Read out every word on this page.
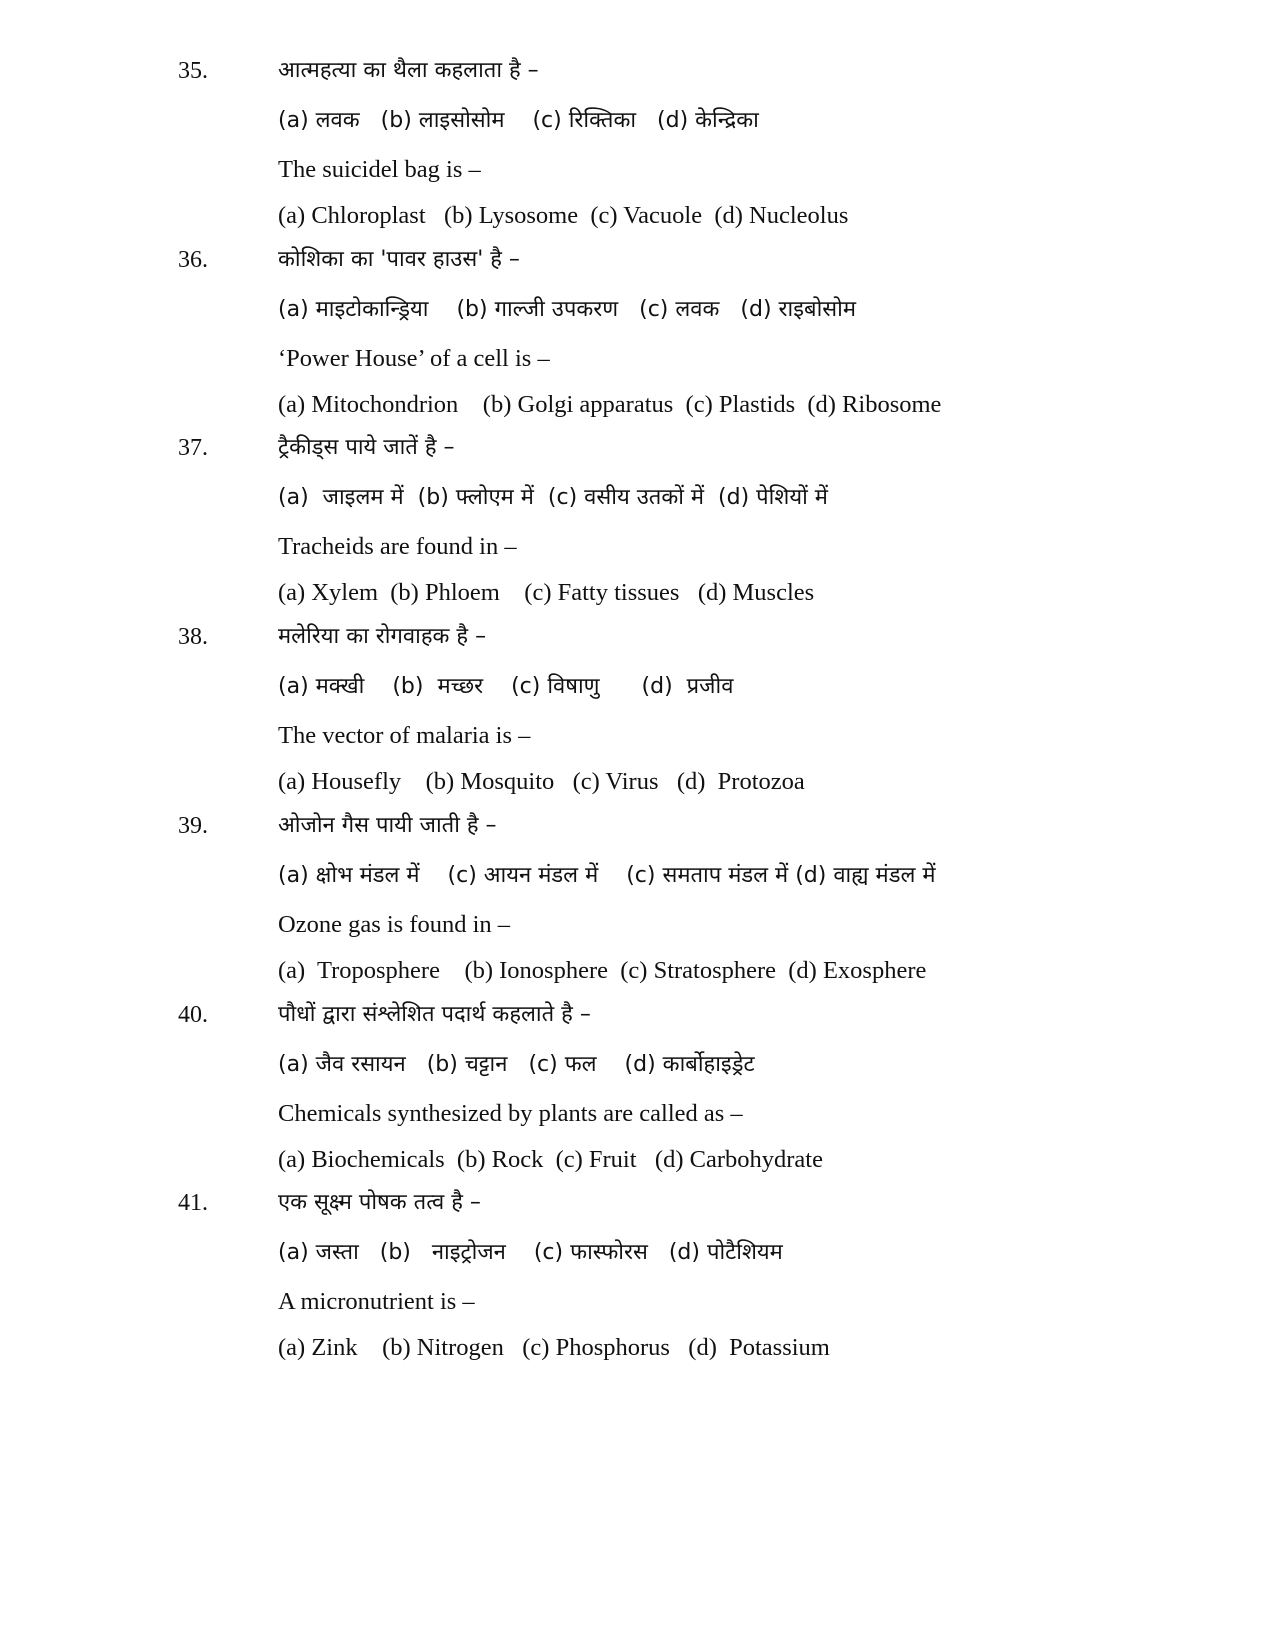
35.	आत्महत्या का थैला कहलाता है –
(a) लवक   (b) लाइसोसोम    (c) रिक्तिका   (d) केन्द्रिका
The suicidel bag is –
(a) Chloroplast   (b) Lysosome  (c) Vacuole  (d) Nucleolus
36.	कोशिका का 'पावर हाउस' है –
(a) माइटोकान्ड्रिया    (b) गाल्जी उपकरण   (c) लवक   (d) राइबोसोम
‘Power House’ of a cell is –
(a) Mitochondrion    (b) Golgi apparatus  (c) Plastids  (d) Ribosome
37.	ट्रैकीड्स पाये जातें है –
(a)  जाइलम में  (b) फ्लोएम में  (c) वसीय उतकों में  (d) पेशियों में
Tracheids are found in –
(a) Xylem  (b) Phloem    (c) Fatty tissues   (d) Muscles
38.	मलेरिया का रोगवाहक है –
(a) मक्खी    (b)  मच्छर    (c) विषाणु      (d)  प्रजीव
The vector of malaria is –
(a) Housefly    (b) Mosquito   (c) Virus   (d)  Protozoa
39.	ओजोन गैस पायी जाती है –
(a) क्षोभ मंडल में    (c) आयन मंडल में    (c) समताप मंडल में (d) वाह्य मंडल में
Ozone gas is found in –
(a)  Troposphere    (b) Ionosphere  (c) Stratosphere  (d) Exosphere
40.	पौधों द्वारा संश्लेशित पदार्थ कहलाते है –
(a) जैव रसायन   (b) चट्टान   (c) फल    (d) कार्बोहाइड्रेट
Chemicals synthesized by plants are called as –
(a) Biochemicals  (b) Rock  (c) Fruit   (d) Carbohydrate
41.	एक सूक्ष्म पोषक तत्व है –
(a) जस्ता   (b)   नाइट्रोजन    (c) फास्फोरस   (d) पोटैशियम
A micronutrient is –
(a) Zink    (b) Nitrogen   (c) Phosphorus   (d)  Potassium
